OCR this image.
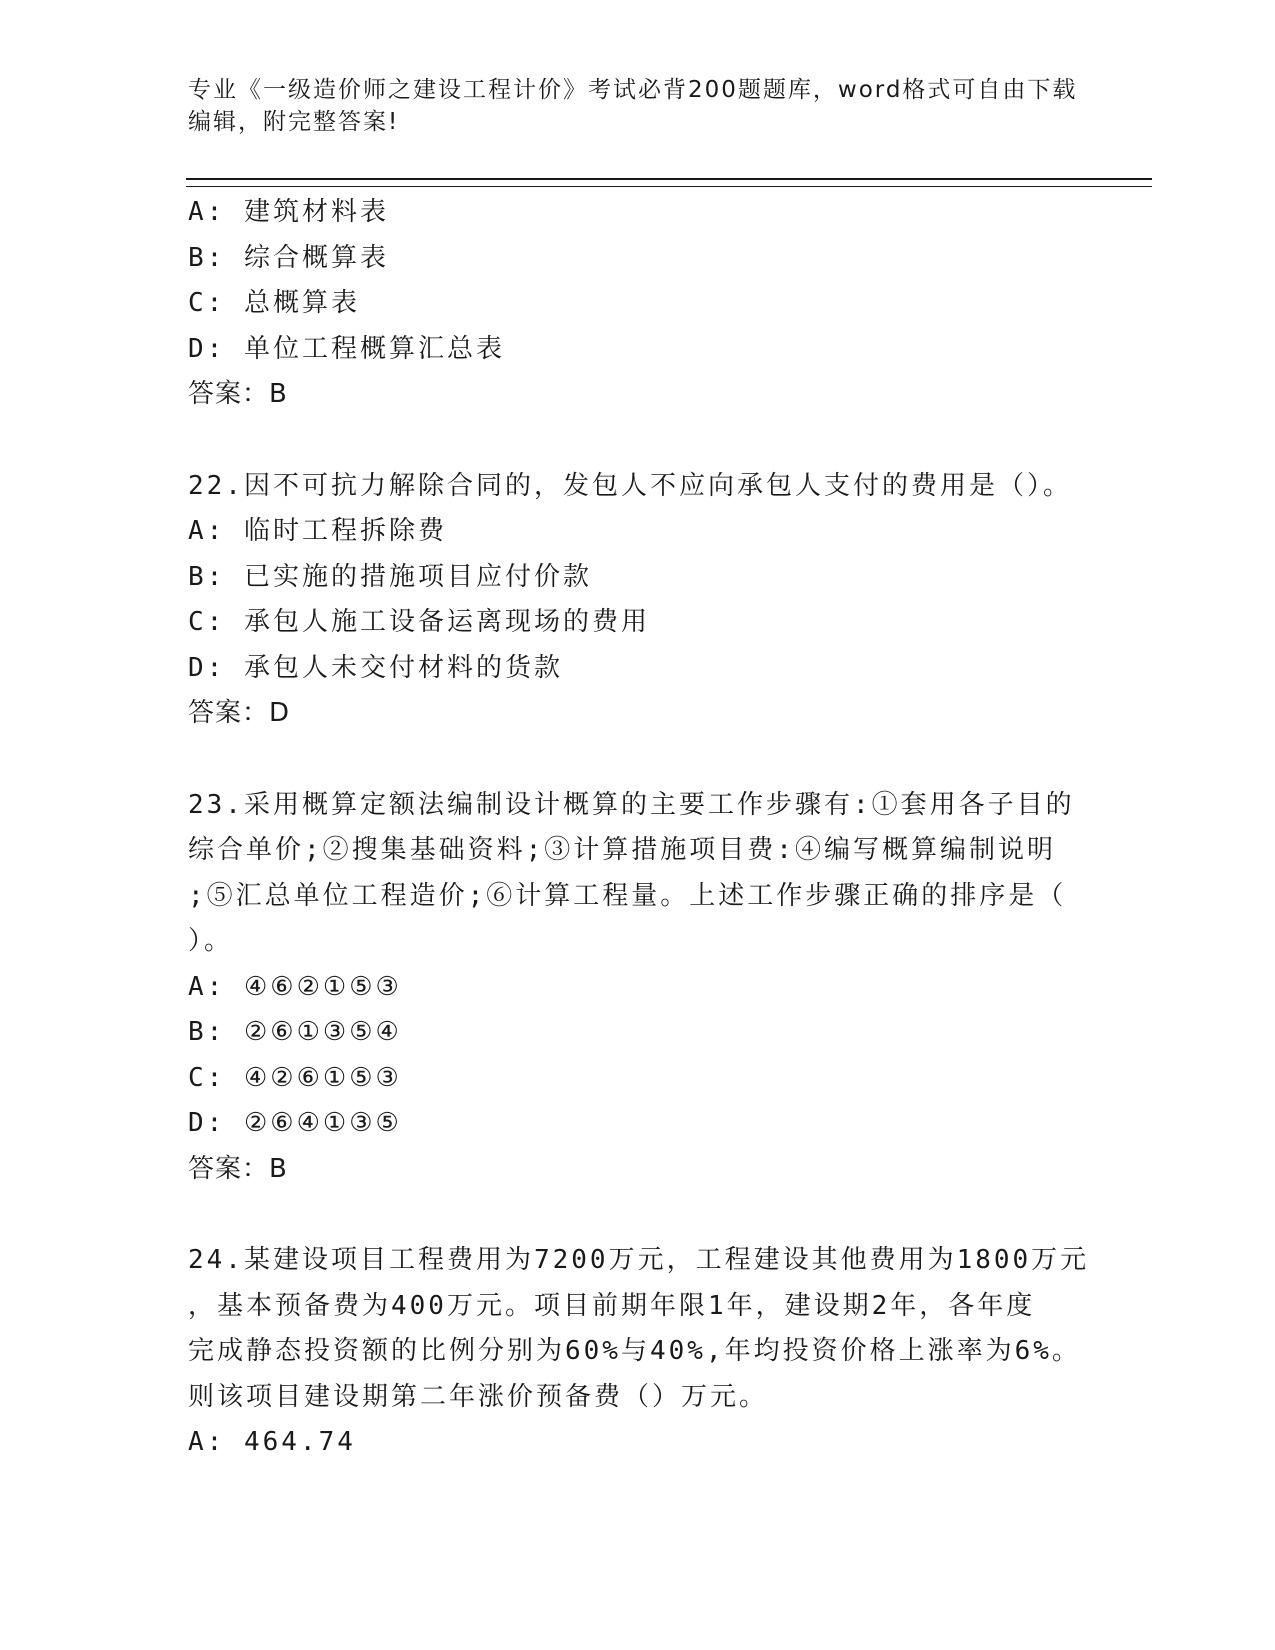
专业《一级造价师之建设工程计价》考试必背200题题库，word格式可自由下载
编辑，附完整答案!
A: 建筑材料表
B: 综合概算表
C: 总概算表
D: 单位工程概算汇总表
答案：B
22.因不可抗力解除合同的，发包人不应向承包人支付的费用是（）。
A: 临时工程拆除费
B: 已实施的措施项目应付价款
C: 承包人施工设备运离现场的费用
D: 承包人未交付材料的货款
答案：D
23.采用概算定额法编制设计概算的主要工作步骤有:①套用各子目的
综合单价;②搜集基础资料;③计算措施项目费:④编写概算编制说明
;⑤汇总单位工程造价;⑥计算工程量。上述工作步骤正确的排序是（
）。
A: ④⑥②①⑤③
B: ②⑥①③⑤④
C: ④②⑥①⑤③
D: ②⑥④①③⑤
答案：B
24.某建设项目工程费用为7200万元，工程建设其他费用为1800万元
，基本预备费为400万元。项目前期年限1年，建设期2年，各年度
完成静态投资额的比例分别为60%与40%,年均投资价格上涨率为6%。
则该项目建设期第二年涨价预备费（）万元。
A: 464.74
